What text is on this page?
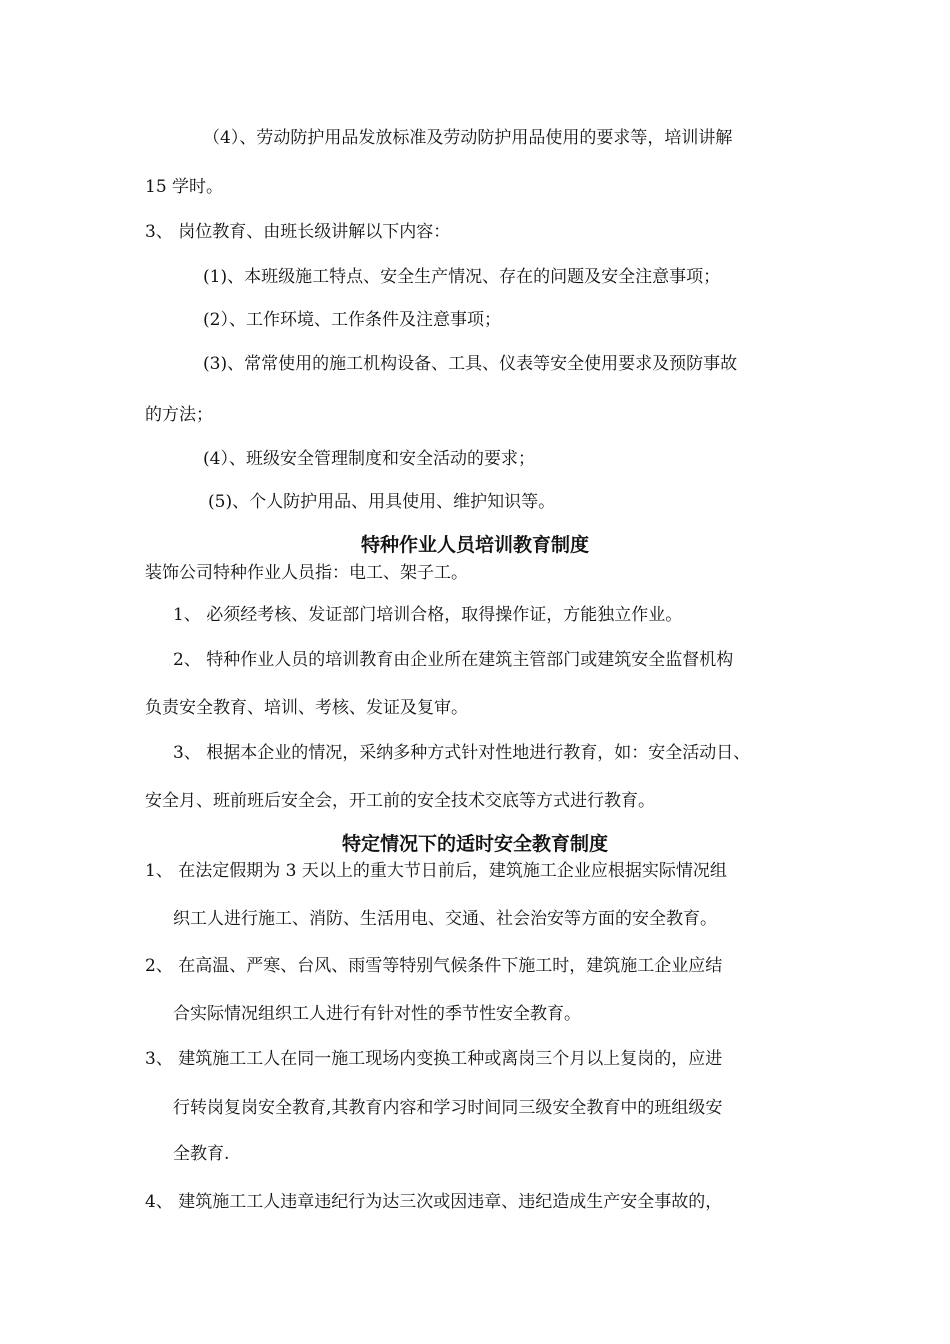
（4）、劳动防护用品发放标准及劳动防护用品使用的要求等，培训讲解
15 学时。
3、 岗位教育、由班长级讲解以下内容：
(1)、本班级施工特点、安全生产情况、存在的问题及安全注意事项；
(2）、工作环境、工作条件及注意事项；
(3)、常常使用的施工机构设备、工具、仪表等安全使用要求及预防事故
的方法；
(4）、班级安全管理制度和安全活动的要求；
(5)、个人防护用品、用具使用、维护知识等。
特种作业人员培训教育制度
装饰公司特种作业人员指：电工、架子工。
1、 必须经考核、发证部门培训合格，取得操作证，方能独立作业。
2、 特种作业人员的培训教育由企业所在建筑主管部门或建筑安全监督机构
负责安全教育、培训、考核、发证及复审。
3、 根据本企业的情况，采纳多种方式针对性地进行教育，如：安全活动日、
安全月、班前班后安全会，开工前的安全技术交底等方式进行教育。
特定情况下的适时安全教育制度
1、 在法定假期为 3 天以上的重大节日前后，建筑施工企业应根据实际情况组
织工人进行施工、消防、生活用电、交通、社会治安等方面的安全教育。
2、 在高温、严寒、台风、雨雪等特别气候条件下施工时，建筑施工企业应结
合实际情况组织工人进行有针对性的季节性安全教育。
3、 建筑施工工人在同一施工现场内变换工种或离岗三个月以上复岗的，应进
行转岗复岗安全教育,其教育内容和学习时间同三级安全教育中的班组级安
全教育.
4、 建筑施工工人违章违纪行为达三次或因违章、违纪造成生产安全事故的，
